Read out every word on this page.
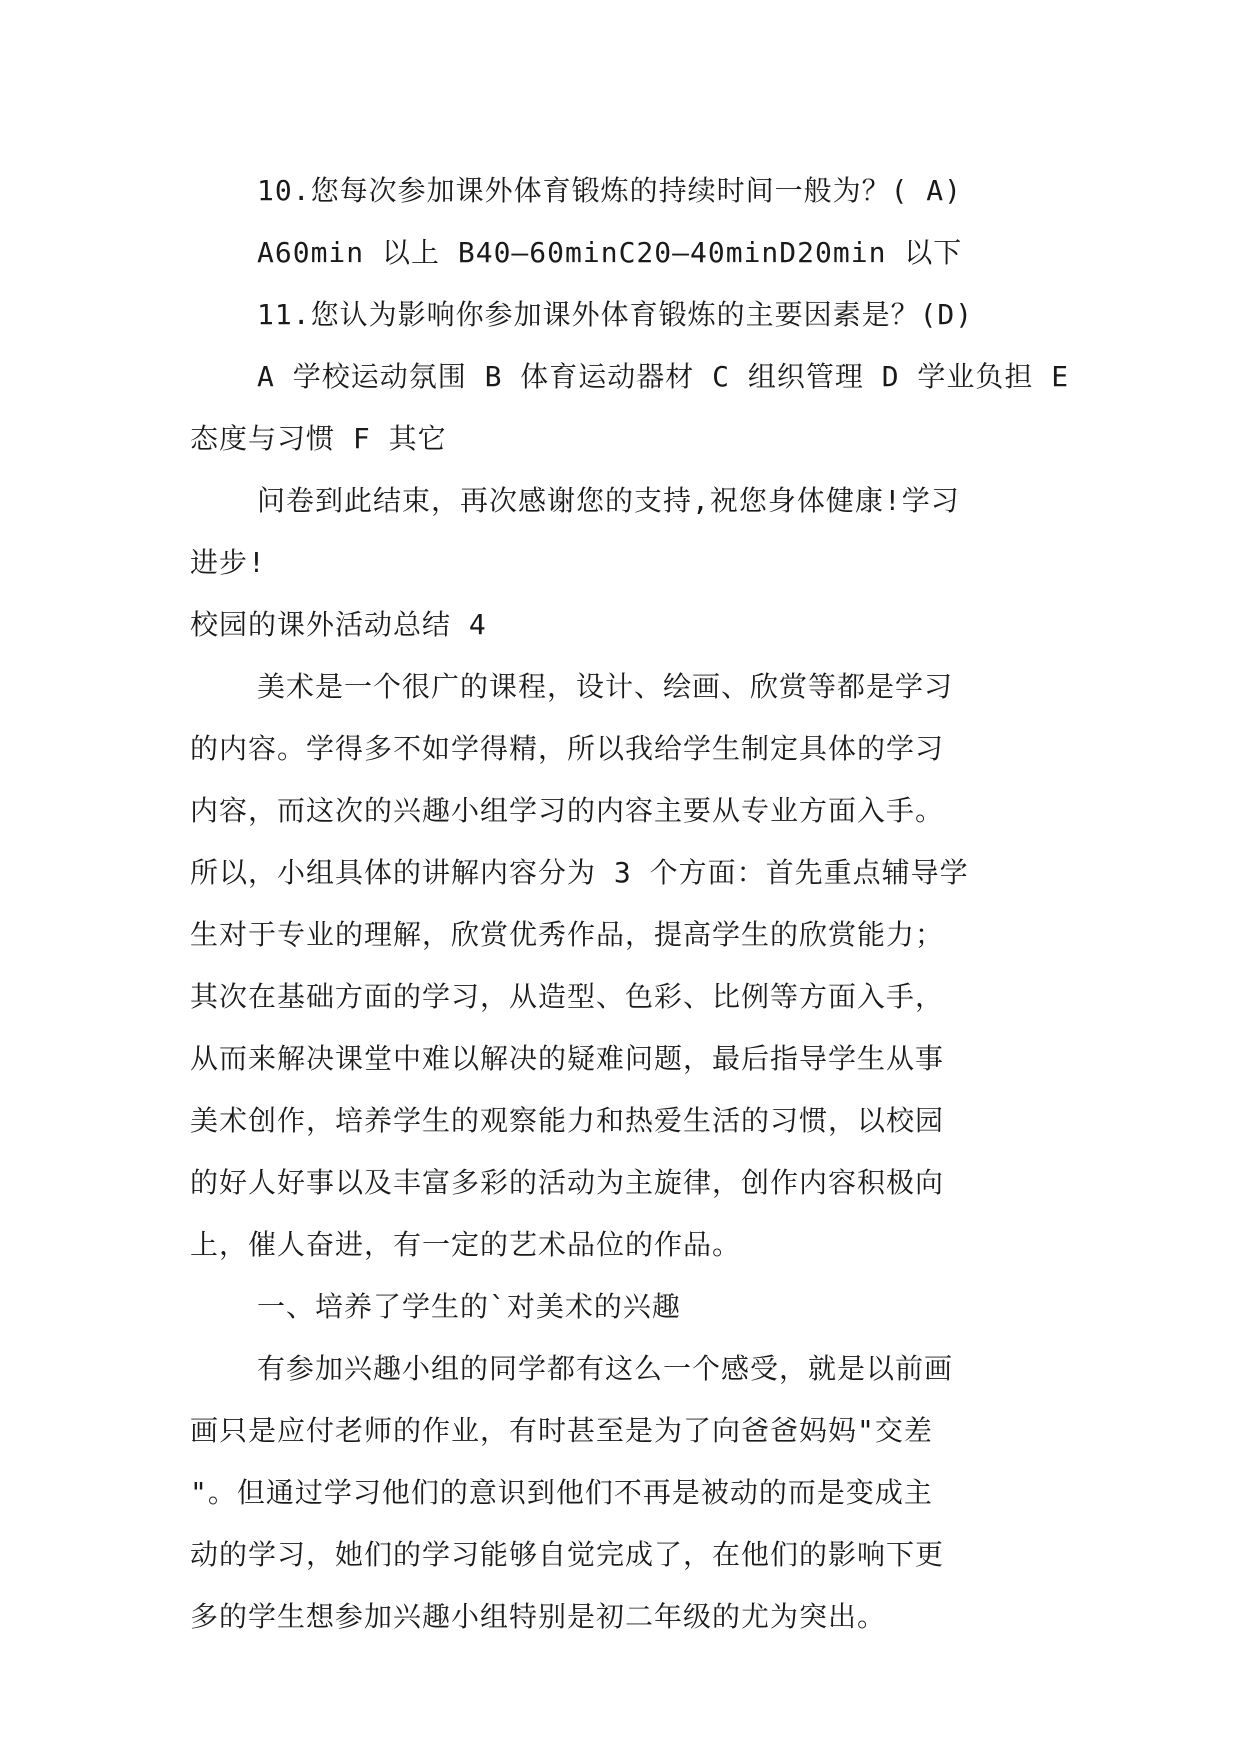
10.您每次参加课外体育锻炼的持续时间一般为？( A)
A60min 以上 B40—60minC20—40minD20min 以下
11.您认为影响你参加课外体育锻炼的主要因素是？(D)
A 学校运动氛围 B 体育运动器材 C 组织管理 D 学业负担 E
态度与习惯 F 其它
问卷到此结束，再次感谢您的支持,祝您身体健康!学习
进步!
校园的课外活动总结 4
美术是一个很广的课程，设计、绘画、欣赏等都是学习
的内容。学得多不如学得精，所以我给学生制定具体的学习
内容，而这次的兴趣小组学习的内容主要从专业方面入手。
所以，小组具体的讲解内容分为 3 个方面：首先重点辅导学
生对于专业的理解，欣赏优秀作品，提高学生的欣赏能力；
其次在基础方面的学习，从造型、色彩、比例等方面入手，
从而来解决课堂中难以解决的疑难问题，最后指导学生从事
美术创作，培养学生的观察能力和热爱生活的习惯，以校园
的好人好事以及丰富多彩的活动为主旋律，创作内容积极向
上，催人奋进，有一定的艺术品位的作品。
一、培养了学生的`对美术的兴趣
有参加兴趣小组的同学都有这么一个感受，就是以前画
画只是应付老师的作业，有时甚至是为了向爸爸妈妈"交差
"。但通过学习他们的意识到他们不再是被动的而是变成主
动的学习，她们的学习能够自觉完成了，在他们的影响下更
多的学生想参加兴趣小组特别是初二年级的尤为突出。
